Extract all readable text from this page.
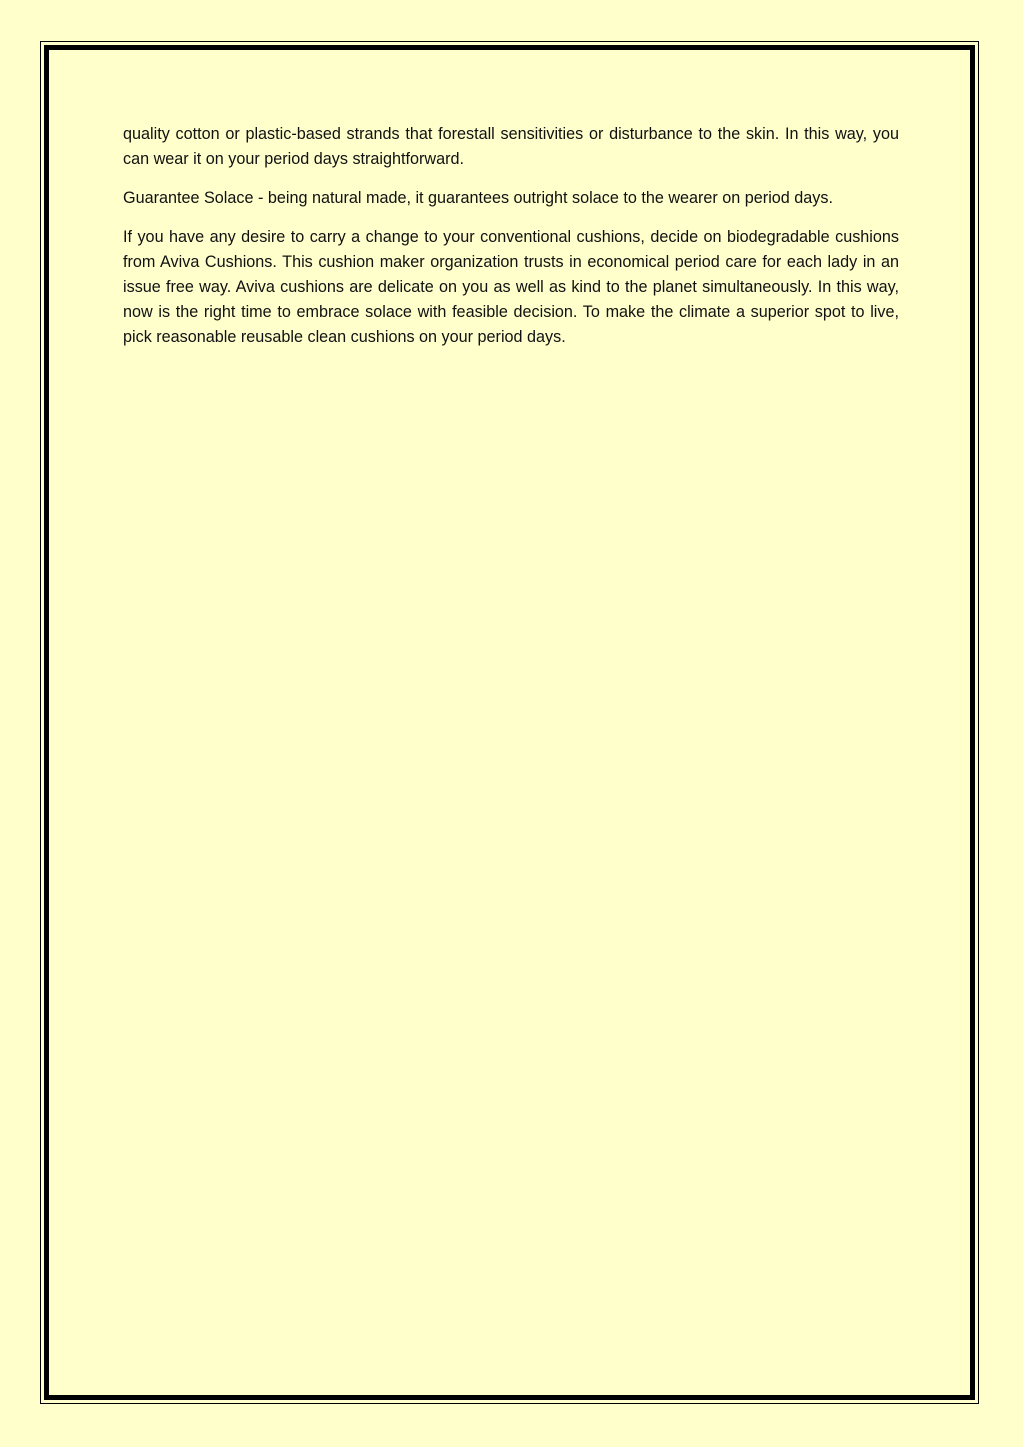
quality cotton or plastic-based strands that forestall sensitivities or disturbance to the skin. In this way, you can wear it on your period days straightforward.

Guarantee Solace - being natural made, it guarantees outright solace to the wearer on period days.

If you have any desire to carry a change to your conventional cushions, decide on biodegradable cushions from Aviva Cushions. This cushion maker organization trusts in economical period care for each lady in an issue free way. Aviva cushions are delicate on you as well as kind to the planet simultaneously. In this way, now is the right time to embrace solace with feasible decision. To make the climate a superior spot to live, pick reasonable reusable clean cushions on your period days.
